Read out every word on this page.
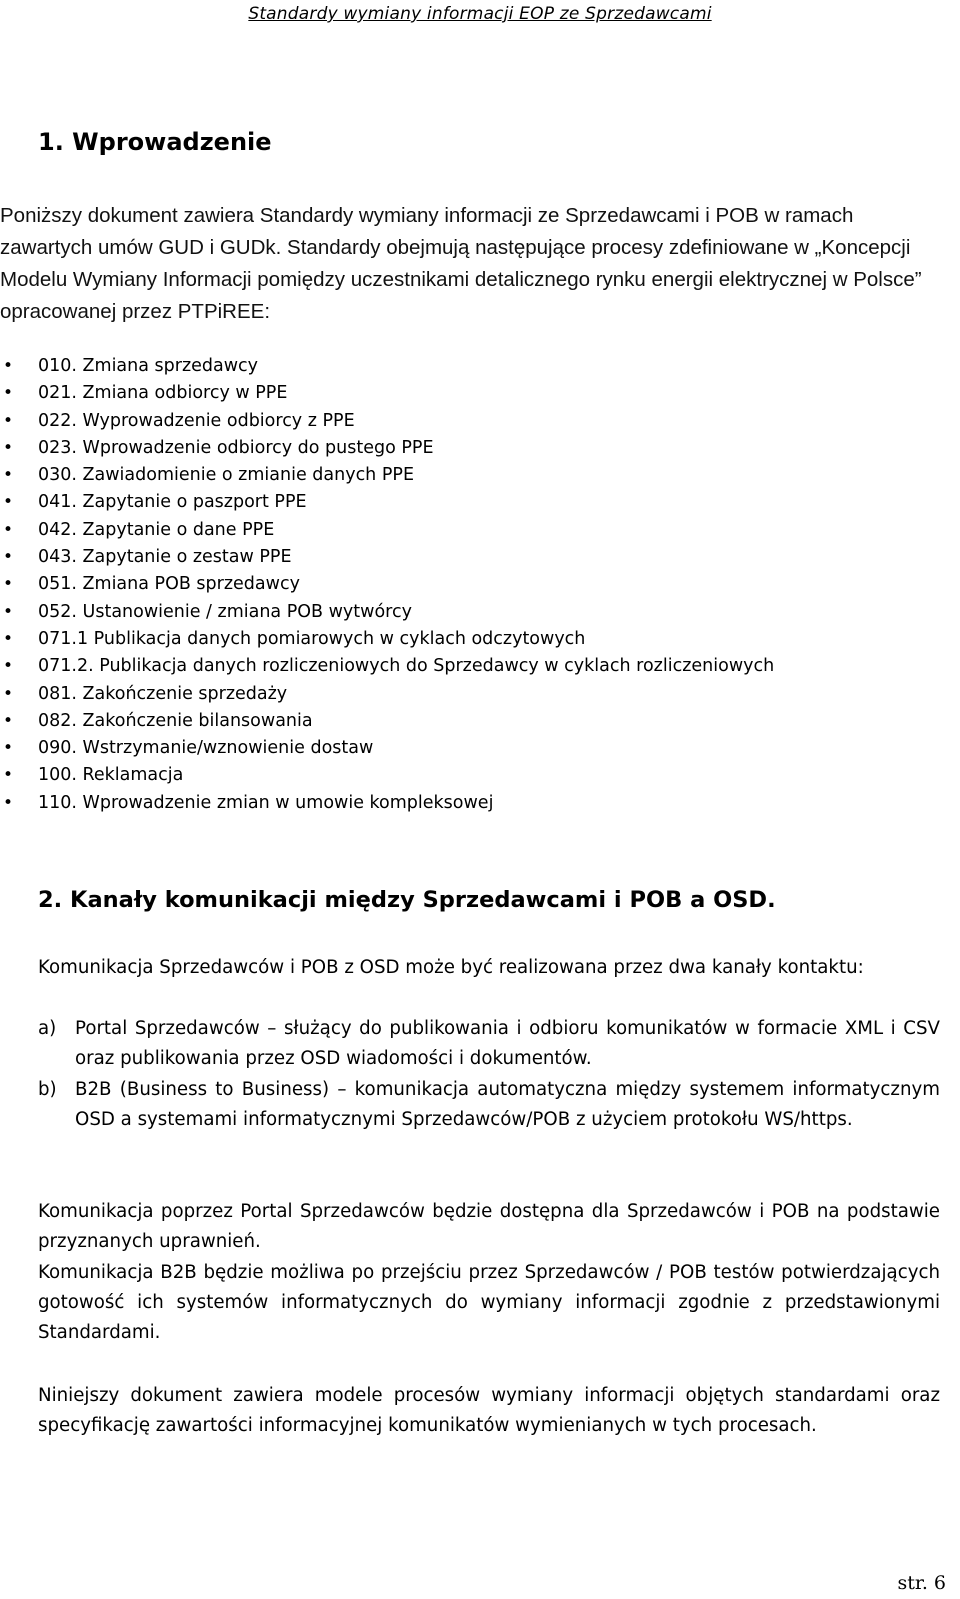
Standardy wymiany informacji EOP ze Sprzedawcami
1. Wprowadzenie

Poniższy dokument zawiera Standardy wymiany informacji ze Sprzedawcami i POB w ramach zawartych umów GUD i GUDk. Standardy obejmują następujące procesy zdefiniowane w „Koncepcji Modelu Wymiany Informacji pomiędzy uczestnikami detalicznego rynku energii elektrycznej w Polsce” opracowanej przez PTPiREE:

• 010. Zmiana sprzedawcy
• 021. Zmiana odbiorcy w PPE
• 022. Wyprowadzenie odbiorcy z PPE
• 023. Wprowadzenie odbiorcy do pustego PPE
• 030. Zawiadomienie o zmianie danych PPE
• 041. Zapytanie o paszport PPE
• 042. Zapytanie o dane PPE
• 043. Zapytanie o zestaw PPE
• 051. Zmiana POB sprzedawcy
• 052. Ustanowienie / zmiana POB wytwórcy
• 071.1 Publikacja danych pomiarowych w cyklach odczytowych
• 071.2. Publikacja danych rozliczeniowych do Sprzedawcy w cyklach rozliczeniowych
• 081. Zakończenie sprzedaży
• 082. Zakończenie bilansowania
• 090. Wstrzymanie/wznowienie dostaw
• 100. Reklamacja
• 110. Wprowadzenie zmian w umowie kompleksowej
2. Kanały komunikacji między Sprzedawcami i POB a OSD.

Komunikacja Sprzedawców i POB z OSD może być realizowana przez dwa kanały kontaktu:

a) Portal Sprzedawców – służący do publikowania i odbioru komunikatów w formacie XML i CSV oraz publikowania przez OSD wiadomości i dokumentów.
b) B2B (Business to Business) – komunikacja automatyczna między systemem informatycznym OSD a systemami informatycznymi Sprzedawców/POB z użyciem protokołu WS/https.

Komunikacja poprzez Portal Sprzedawców będzie dostępna dla Sprzedawców i POB na podstawie przyznanych uprawnień.

Komunikacja B2B będzie możliwa po przejściu przez Sprzedawców / POB testów potwierdzających gotowość ich systemów informatycznych do wymiany informacji zgodnie z przedstawionymi Standardami.

Niniejszy dokument zawiera modele procesów wymiany informacji objętych standardami oraz specyfikację zawartości informacyjnej komunikatów wymienianych w tych procesach.

str. 6
